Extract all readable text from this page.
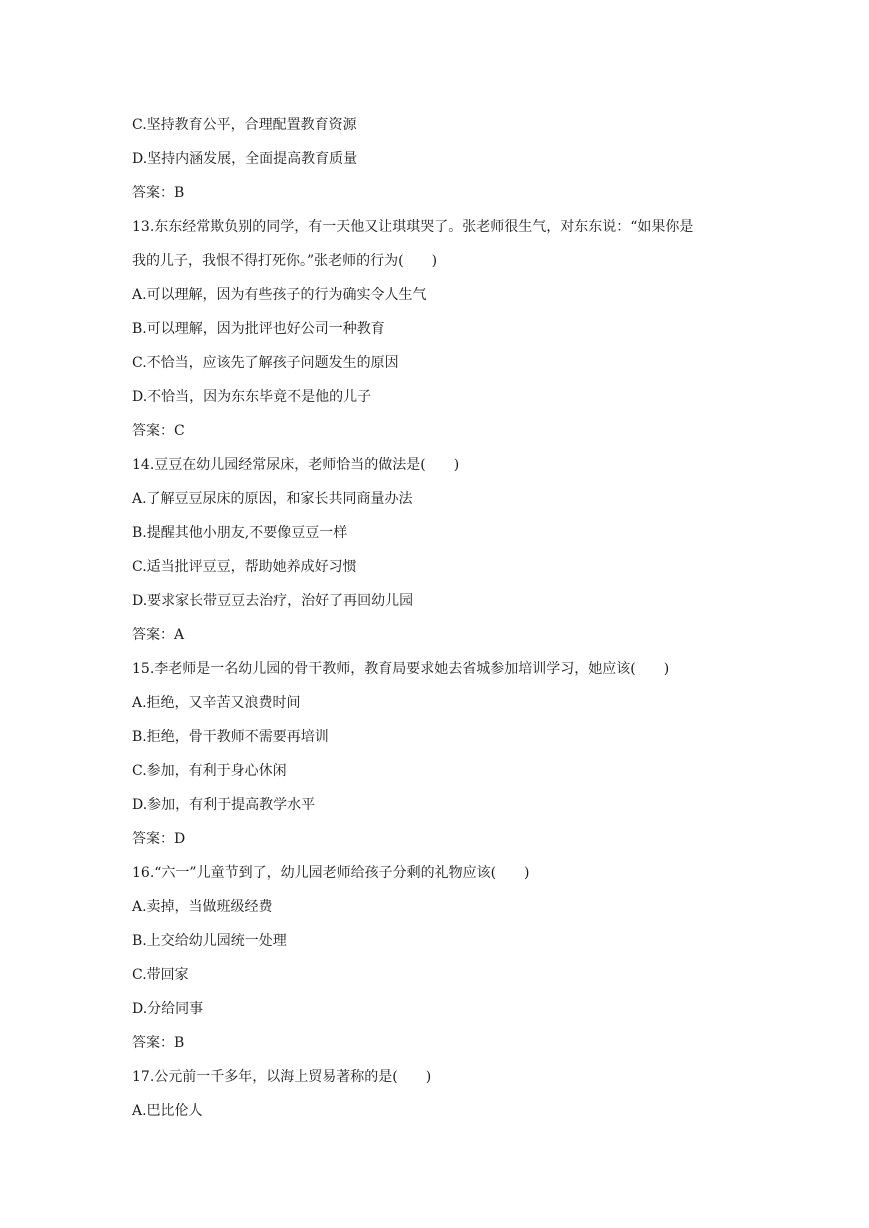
C.坚持教育公平，合理配置教育资源
D.坚持内涵发展，全面提高教育质量
答案：B
13.东东经常欺负别的同学，有一天他又让琪琪哭了。张老师很生气，对东东说：“如果你是
我的儿子，我恨不得打死你。”张老师的行为(　　)
A.可以理解，因为有些孩子的行为确实令人生气
B.可以理解，因为批评也好公司一种教育
C.不恰当，应该先了解孩子问题发生的原因
D.不恰当，因为东东毕竟不是他的儿子
答案：C
14.豆豆在幼儿园经常尿床，老师恰当的做法是(　　)
A.了解豆豆尿床的原因，和家长共同商量办法
B.提醒其他小朋友,不要像豆豆一样
C.适当批评豆豆，帮助她养成好习惯
D.要求家长带豆豆去治疗，治好了再回幼儿园
答案：A
15.李老师是一名幼儿园的骨干教师，教育局要求她去省城参加培训学习，她应该(　　)
A.拒绝，又辛苦又浪费时间
B.拒绝，骨干教师不需要再培训
C.参加，有利于身心休闲
D.参加，有利于提高教学水平
答案：D
16.“六一”儿童节到了，幼儿园老师给孩子分剩的礼物应该(　　)
A.卖掉，当做班级经费
B.上交给幼儿园统一处理
C.带回家
D.分给同事
答案：B
17.公元前一千多年，以海上贸易著称的是(　　)
A.巴比伦人
